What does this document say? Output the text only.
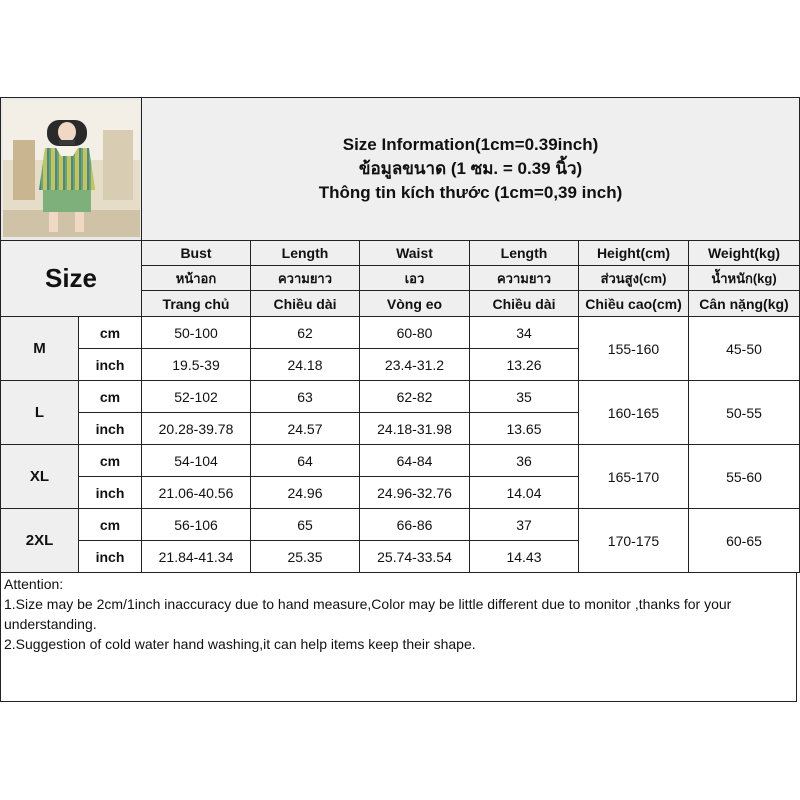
Size Information(1cm=0.39inch)
ข้อมูลขนาด (1 ซม. = 0.39 นิ้ว)
Thông tin kích thước (1cm=0,39 inch)					

Size		Bust	Length	Waist	Length	Height(cm)	Weight(kg)
		หน้าอก	ความยาว	เอว	ความยาว	ส่วนสูง(cm)	น้ำหนัก(kg)
		Trang chủ	Chiều dài	Vòng eo	Chiều dài	Chiều cao(cm)	Cân nặng(kg)
M	cm	50-100	62	60-80	34	155-160	45-50
	inch	19.5-39	24.18	23.4-31.2	13.26		
L	cm	52-102	63	62-82	35	160-165	50-55
	inch	20.28-39.78	24.57	24.18-31.98	13.65		
XL	cm	54-104	64	64-84	36	165-170	55-60
	inch	21.06-40.56	24.96	24.96-32.76	14.04		
2XL	cm	56-106	65	66-86	37	170-175	60-65
	inch	21.84-41.34	25.35	25.74-33.54	14.43		
Attention:
1.Size may be 2cm/1inch inaccuracy due to hand measure,Color may be little different due to monitor ,thanks for your understanding.
2.Suggestion of cold water hand washing,it can help items keep their shape.
